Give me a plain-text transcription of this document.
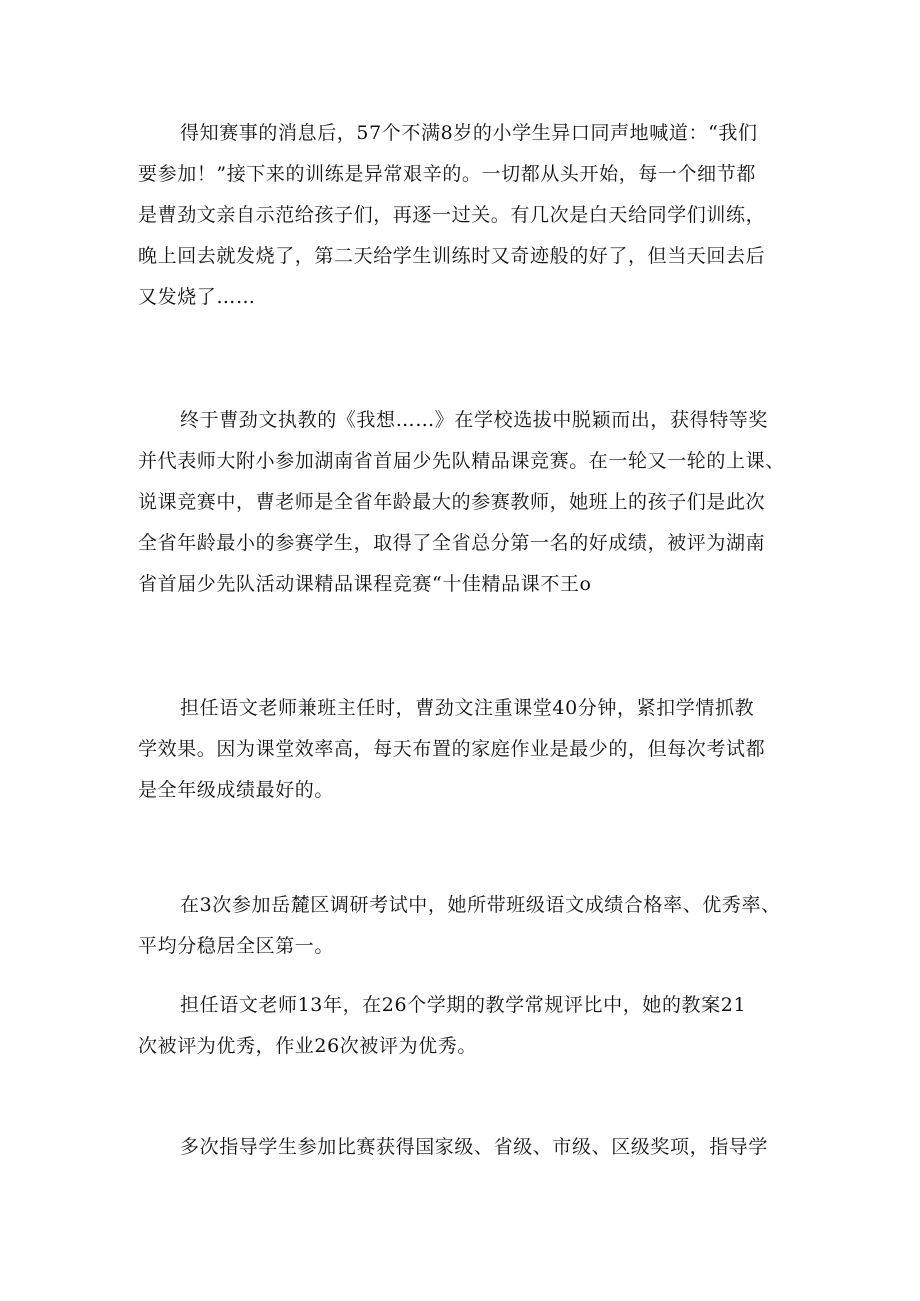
得知赛事的消息后，57个不满8岁的小学生异口同声地喊道：“我们
要参加！”接下来的训练是异常艰辛的。一切都从头开始，每一个细节都
是曹劲文亲自示范给孩子们，再逐一过关。有几次是白天给同学们训练，
晚上回去就发烧了，第二天给学生训练时又奇迹般的好了，但当天回去后
又发烧了……
终于曹劲文执教的《我想……》在学校选拔中脱颖而出，获得特等奖
并代表师大附小参加湖南省首届少先队精品课竞赛。在一轮又一轮的上课、
说课竞赛中，曹老师是全省年龄最大的参赛教师，她班上的孩子们是此次
全省年龄最小的参赛学生，取得了全省总分第一名的好成绩，被评为湖南
省首届少先队活动课精品课程竞赛“十佳精品课不王o
担任语文老师兼班主任时，曹劲文注重课堂40分钟，紧扣学情抓教
学效果。因为课堂效率高，每天布置的家庭作业是最少的，但每次考试都
是全年级成绩最好的。
在3次参加岳麓区调研考试中，她所带班级语文成绩合格率、优秀率、
平均分稳居全区第一。
担任语文老师13年，在26个学期的教学常规评比中，她的教案21
次被评为优秀，作业26次被评为优秀。
多次指导学生参加比赛获得国家级、省级、市级、区级奖项，指导学
